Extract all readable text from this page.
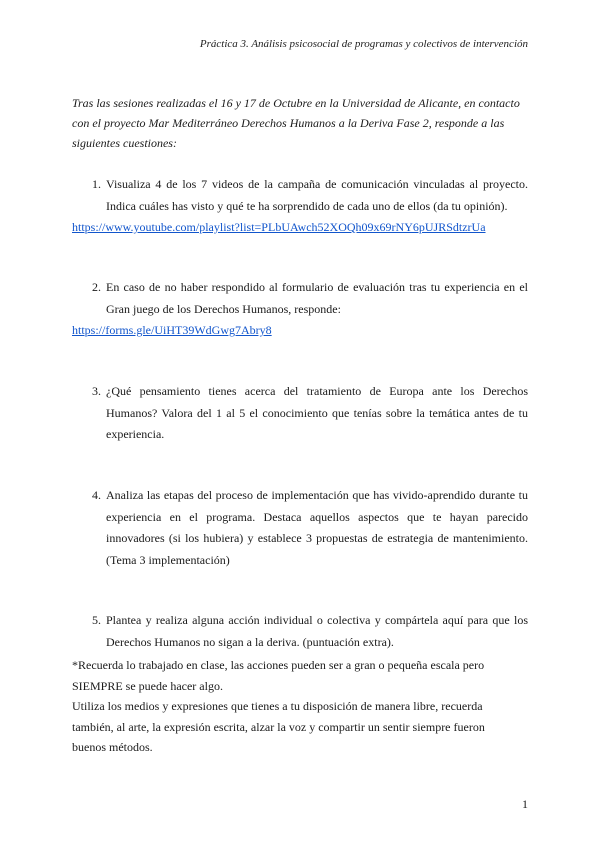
Práctica 3. Análisis psicosocial de programas y colectivos de intervención
Tras las sesiones realizadas el 16 y 17 de Octubre en la Universidad de Alicante, en contacto con el proyecto Mar Mediterráneo Derechos Humanos a la Deriva Fase 2, responde a las siguientes cuestiones:
1. Visualiza 4 de los 7 videos de la campaña de comunicación vinculadas al proyecto. Indica cuáles has visto y qué te ha sorprendido de cada uno de ellos (da tu opinión).
https://www.youtube.com/playlist?list=PLbUAwch52XOQh09x69rNY6pUJRSdtzrUa
2. En caso de no haber respondido al formulario de evaluación tras tu experiencia en el Gran juego de los Derechos Humanos, responde:
https://forms.gle/UiHT39WdGwg7Abry8
3. ¿Qué pensamiento tienes acerca del tratamiento de Europa ante los Derechos Humanos? Valora del 1 al 5 el conocimiento que tenías sobre la temática antes de tu experiencia.
4. Analiza las etapas del proceso de implementación que has vivido-aprendido durante tu experiencia en el programa. Destaca aquellos aspectos que te hayan parecido innovadores (si los hubiera) y establece 3 propuestas de estrategia de mantenimiento. (Tema 3 implementación)
5. Plantea y realiza alguna acción individual o colectiva y compártela aquí para que los Derechos Humanos no sigan a la deriva. (puntuación extra).

*Recuerda lo trabajado en clase, las acciones pueden ser a gran o pequeña escala pero SIEMPRE se puede hacer algo.

Utiliza los medios y expresiones que tienes a tu disposición de manera libre, recuerda también, al arte, la expresión escrita, alzar la voz y compartir un sentir siempre fueron buenos métodos.

1
